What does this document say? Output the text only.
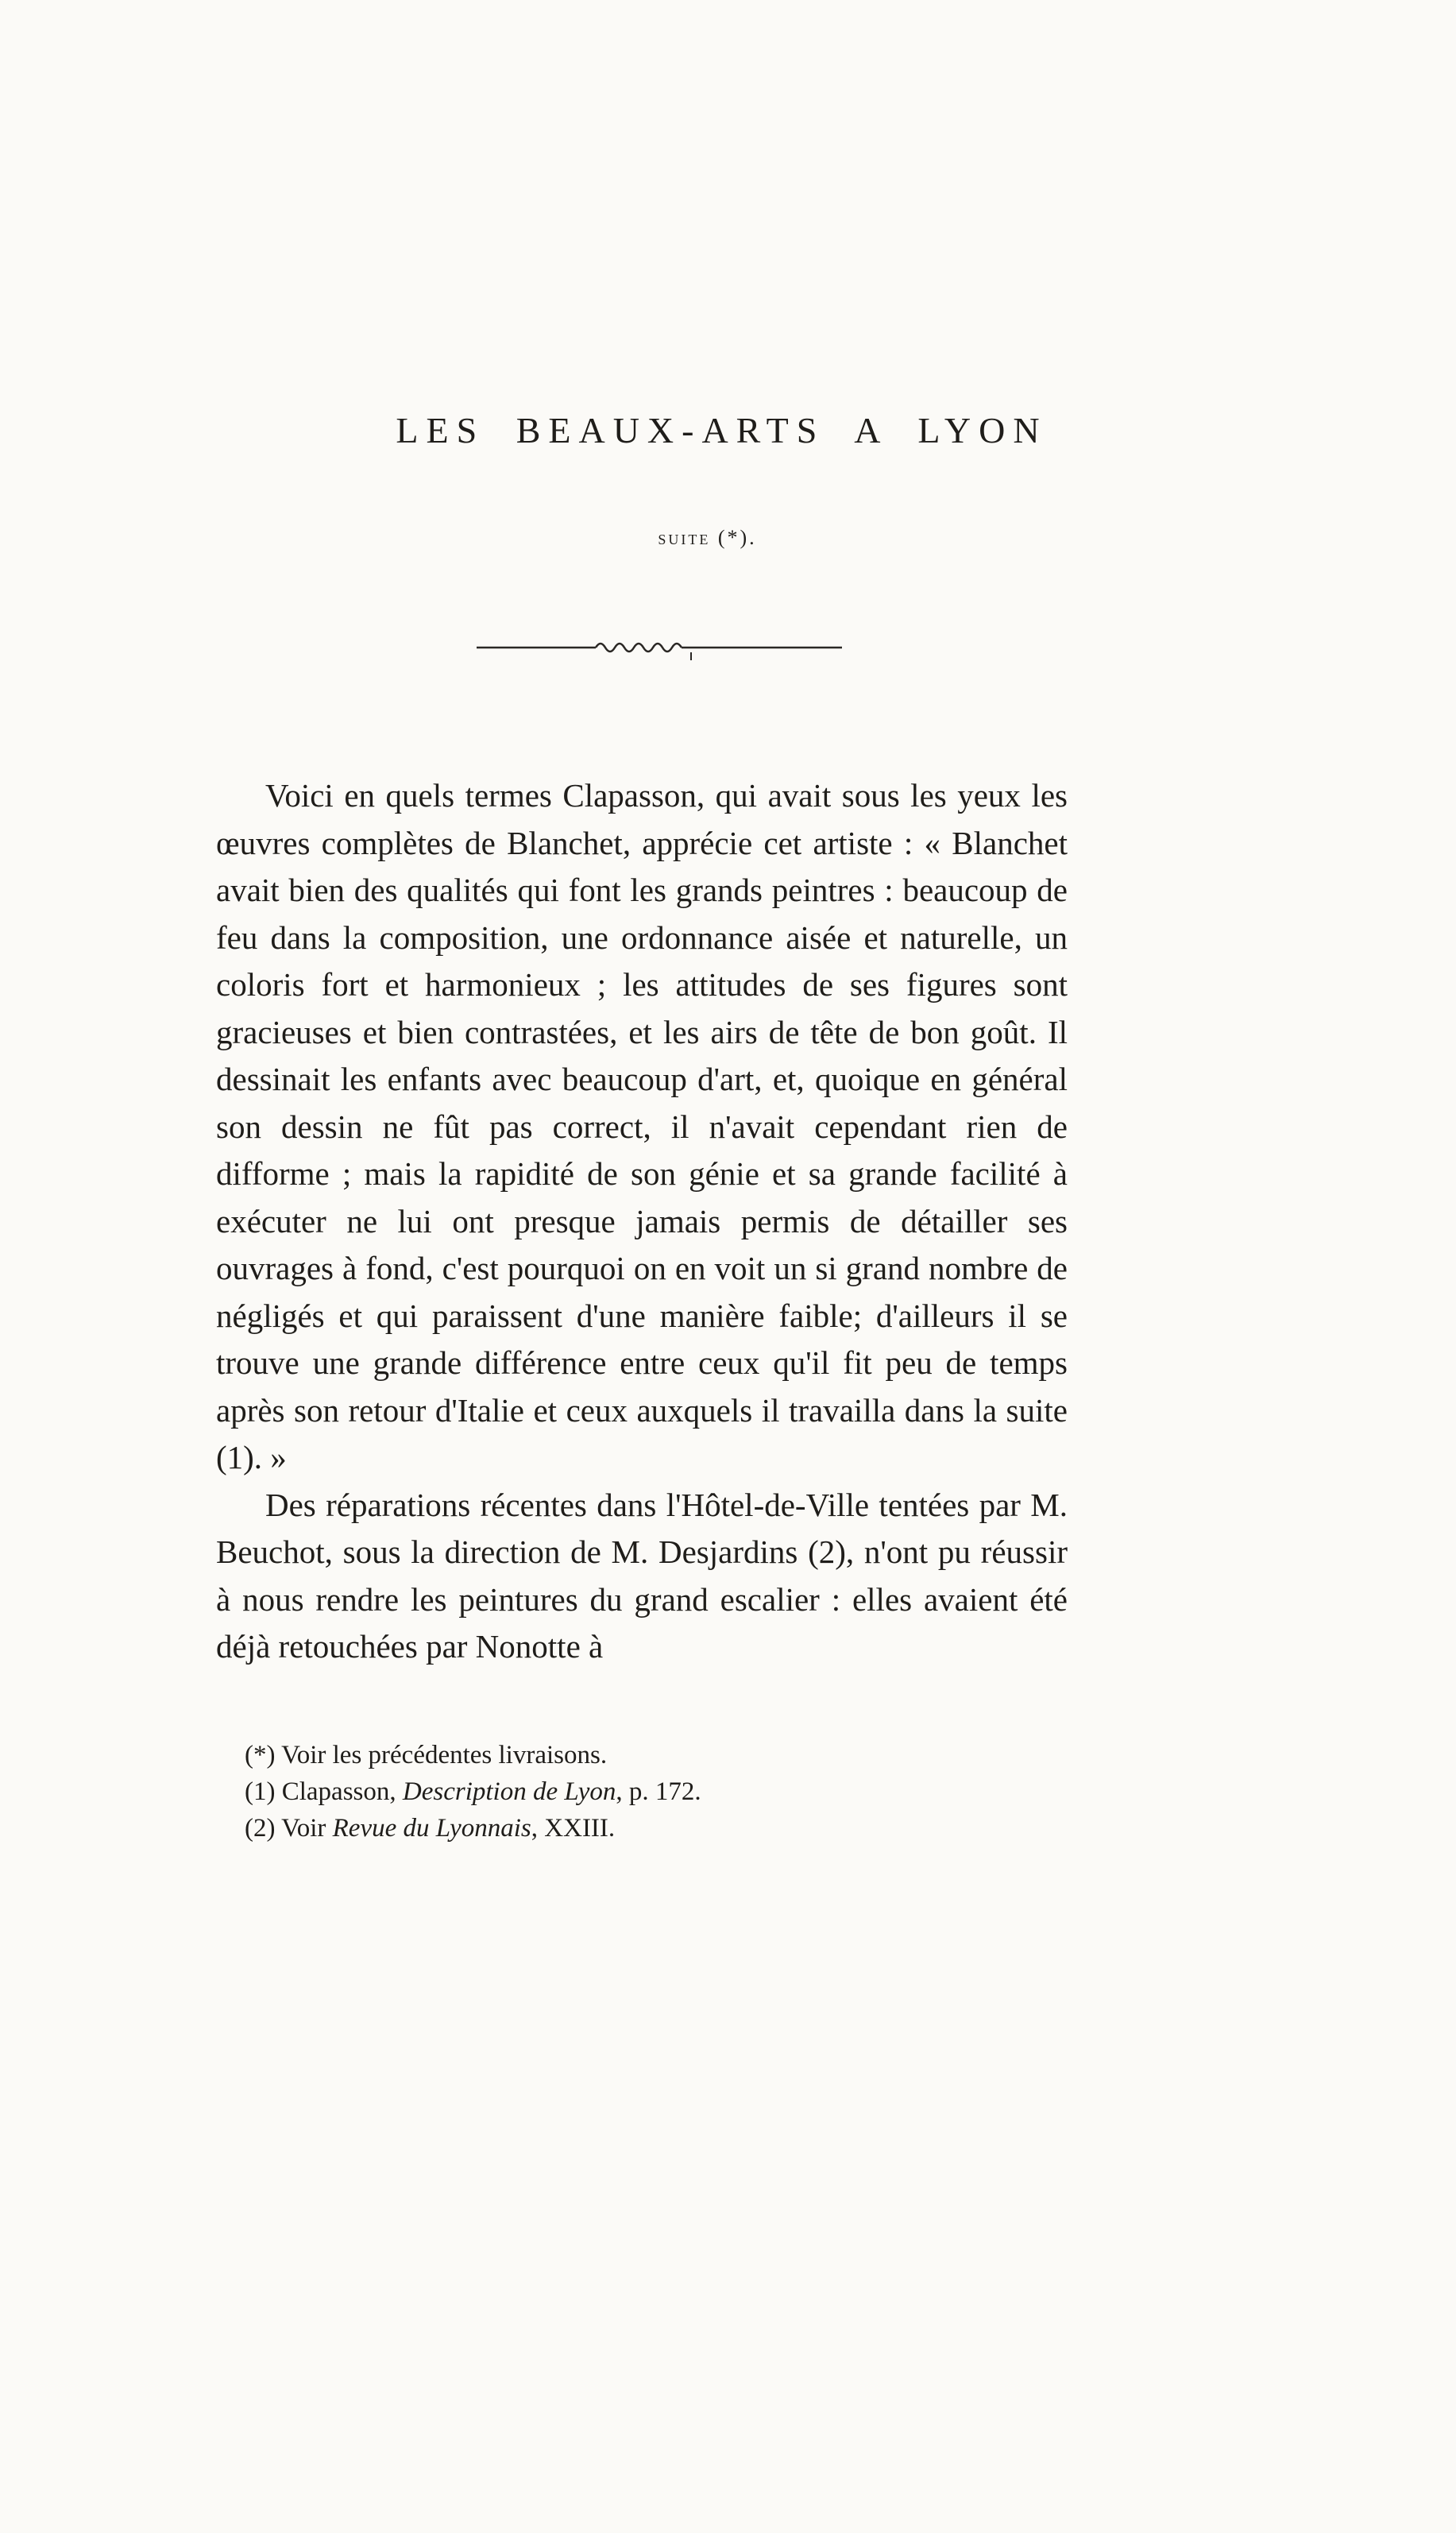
LES BEAUX-ARTS A LYON
SUITE (*).

Voici en quels termes Clapasson, qui avait sous les yeux les œuvres complètes de Blanchet, apprécie cet artiste : « Blanchet avait bien des qualités qui font les grands peintres : beaucoup de feu dans la composition, une ordonnance aisée et naturelle, un coloris fort et harmonieux ; les attitudes de ses figures sont gracieuses et bien contrastées, et les airs de tête de bon goût. Il dessinait les enfants avec beaucoup d'art, et, quoique en général son dessin ne fût pas correct, il n'avait cependant rien de difforme ; mais la rapidité de son génie et sa grande facilité à exécuter ne lui ont presque jamais permis de détailler ses ouvrages à fond, c'est pourquoi on en voit un si grand nombre de négligés et qui paraissent d'une manière faible; d'ailleurs il se trouve une grande différence entre ceux qu'il fit peu de temps après son retour d'Italie et ceux auxquels il travailla dans la suite (1). »

Des réparations récentes dans l'Hôtel-de-Ville tentées par M. Beuchot, sous la direction de M. Desjardins (2), n'ont pu réussir à nous rendre les peintures du grand escalier : elles avaient été déjà retouchées par Nonotte à

(*) Voir les précédentes livraisons.

(1) Clapasson, Description de Lyon, p. 172.

(2) Voir Revue du Lyonnais, XXIII.
